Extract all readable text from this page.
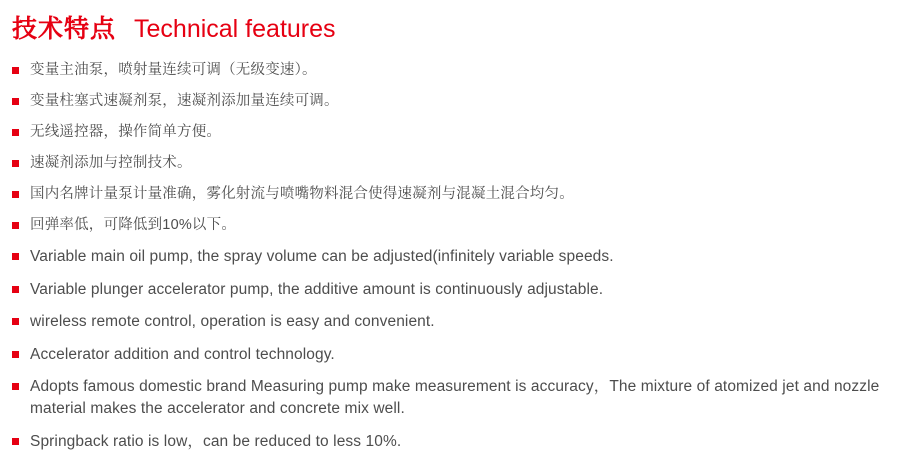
技术特点 Technical features
变量主油泵，喷射量连续可调（无级变速）。
变量柱塞式速凝剂泵，速凝剂添加量连续可调。
无线遥控器，操作简单方便。
速凝剂添加与控制技术。
国内名牌计量泵计量准确，雾化射流与喷嘴物料混合使得速凝剂与混凝土混合均匀。
回弹率低，可降低到10%以下。
Variable main oil pump, the spray volume can be adjusted(infinitely variable speeds.
Variable plunger accelerator pump, the additive amount is continuously adjustable.
wireless remote control, operation is easy and convenient.
Accelerator addition and control technology.
Adopts famous domestic brand Measuring pump make measurement is accuracy，The mixture of atomized jet and nozzle material makes the accelerator and concrete mix well.
Springback ratio is low，can be reduced to less 10%.
